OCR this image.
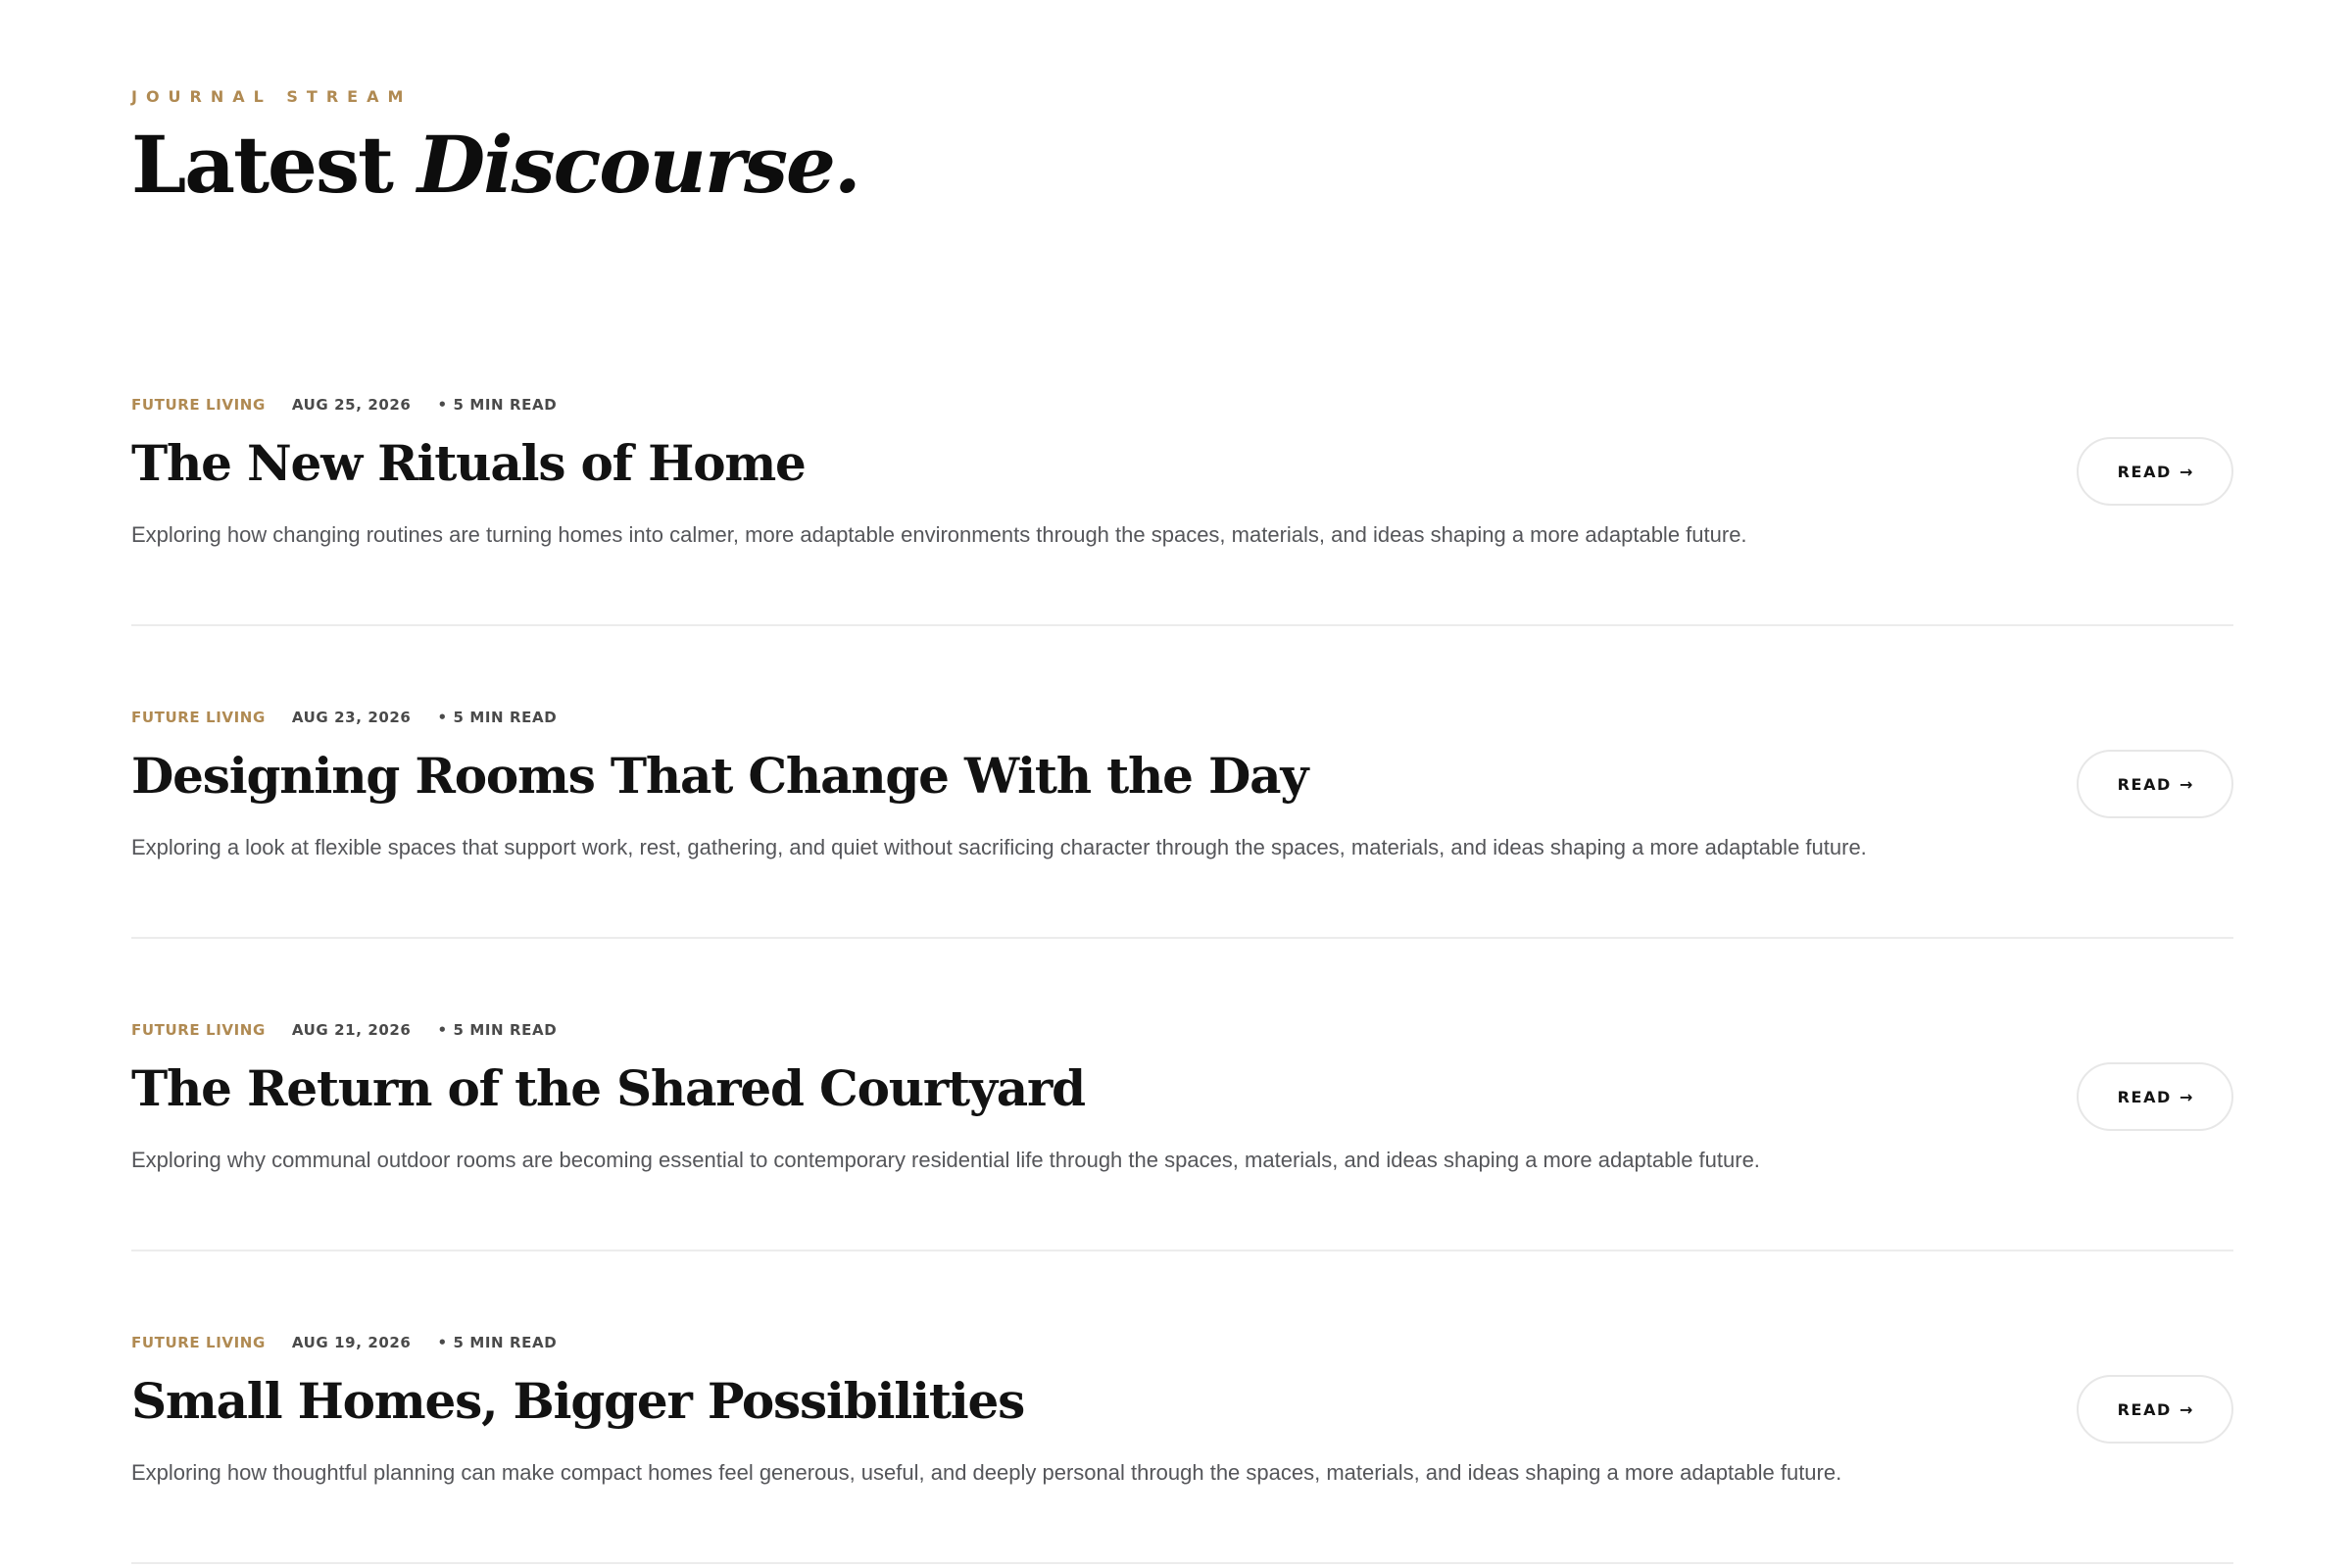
JOURNAL STREAM
Latest Discourse.
FUTURE LIVING AUG 25, 2026 • 5 MIN READ
The New Rituals of Home

Exploring how changing routines are turning homes into calmer, more adaptable environments through the spaces, materials, and ideas shaping a more adaptable future.

READ →
FUTURE LIVING AUG 23, 2026 • 5 MIN READ
Designing Rooms That Change With the Day

Exploring a look at flexible spaces that support work, rest, gathering, and quiet without sacrificing character through the spaces, materials, and ideas shaping a more adaptable future.

READ →
FUTURE LIVING AUG 21, 2026 • 5 MIN READ
The Return of the Shared Courtyard

Exploring why communal outdoor rooms are becoming essential to contemporary residential life through the spaces, materials, and ideas shaping a more adaptable future.

READ →
FUTURE LIVING AUG 19, 2026 • 5 MIN READ
Small Homes, Bigger Possibilities

Exploring how thoughtful planning can make compact homes feel generous, useful, and deeply personal through the spaces, materials, and ideas shaping a more adaptable future.

READ →
